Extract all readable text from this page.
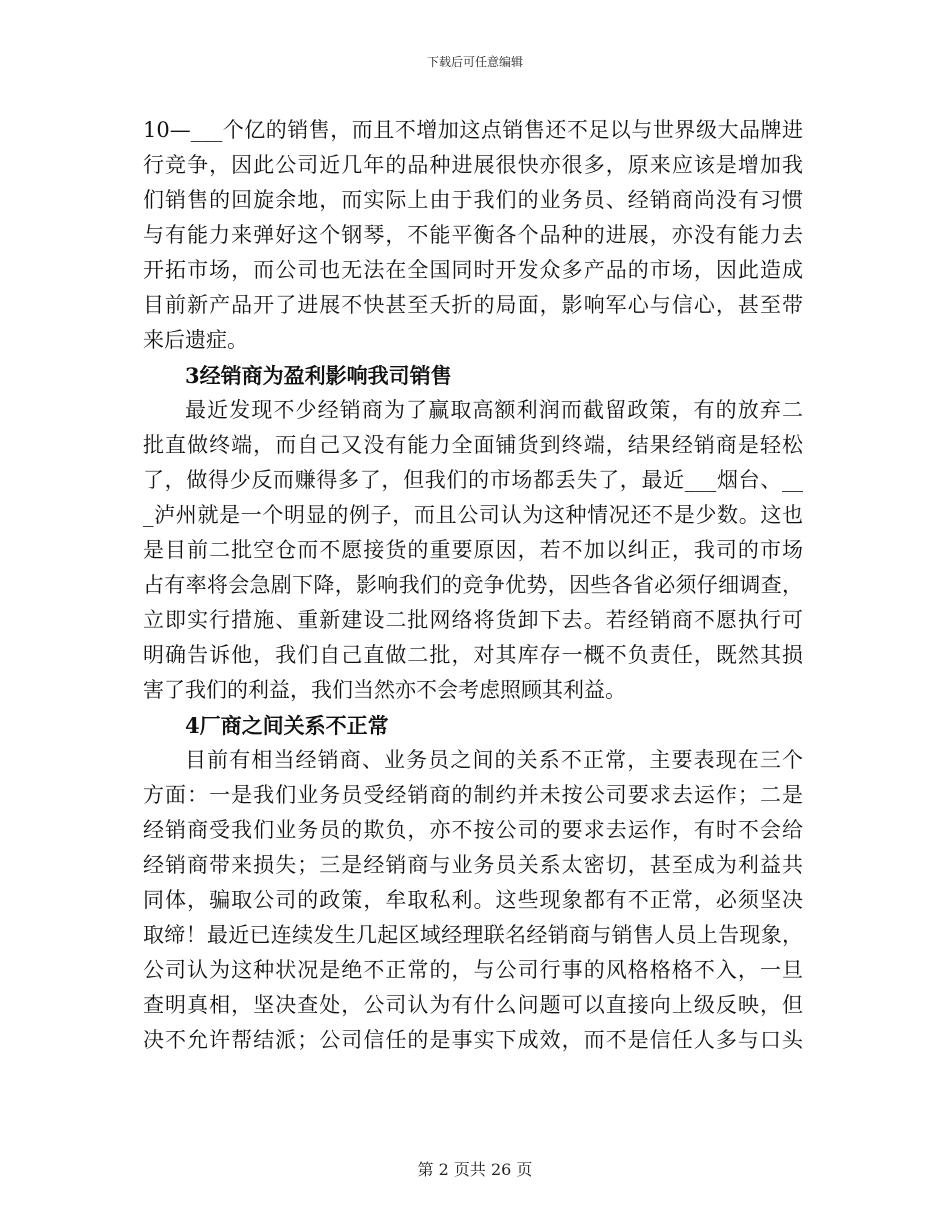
下载后可任意编辑
10—___个亿的销售，而且不增加这点销售还不足以与世界级大品牌进
行竞争，因此公司近几年的品种进展很快亦很多，原来应该是增加我
们销售的回旋余地，而实际上由于我们的业务员、经销商尚没有习惯
与有能力来弹好这个钢琴，不能平衡各个品种的进展，亦没有能力去
开拓市场，而公司也无法在全国同时开发众多产品的市场，因此造成
目前新产品开了进展不快甚至夭折的局面，影响军心与信心，甚至带
来后遗症。
3经销商为盈利影响我司销售
最近发现不少经销商为了赢取高额利润而截留政策，有的放弃二
批直做终端，而自己又没有能力全面铺货到终端，结果经销商是轻松
了，做得少反而赚得多了，但我们的市场都丢失了，最近___烟台、__
_泸州就是一个明显的例子，而且公司认为这种情况还不是少数。这也
是目前二批空仓而不愿接货的重要原因，若不加以纠正，我司的市场
占有率将会急剧下降，影响我们的竞争优势，因些各省必须仔细调查，
立即实行措施、重新建设二批网络将货卸下去。若经销商不愿执行可
明确告诉他，我们自己直做二批，对其库存一概不负责任，既然其损
害了我们的利益，我们当然亦不会考虑照顾其利益。
4厂商之间关系不正常
目前有相当经销商、业务员之间的关系不正常，主要表现在三个
方面：一是我们业务员受经销商的制约并未按公司要求去运作；二是
经销商受我们业务员的欺负，亦不按公司的要求去运作，有时不会给
经销商带来损失；三是经销商与业务员关系太密切，甚至成为利益共
同体，骗取公司的政策，牟取私利。这些现象都有不正常，必须坚决
取缔！最近已连续发生几起区域经理联名经销商与销售人员上告现象，
公司认为这种状况是绝不正常的，与公司行事的风格格格不入，一旦
查明真相，坚决查处，公司认为有什么问题可以直接向上级反映，但
决不允许帮结派；公司信任的是事实下成效，而不是信任人多与口头
第 2 页共 26 页
